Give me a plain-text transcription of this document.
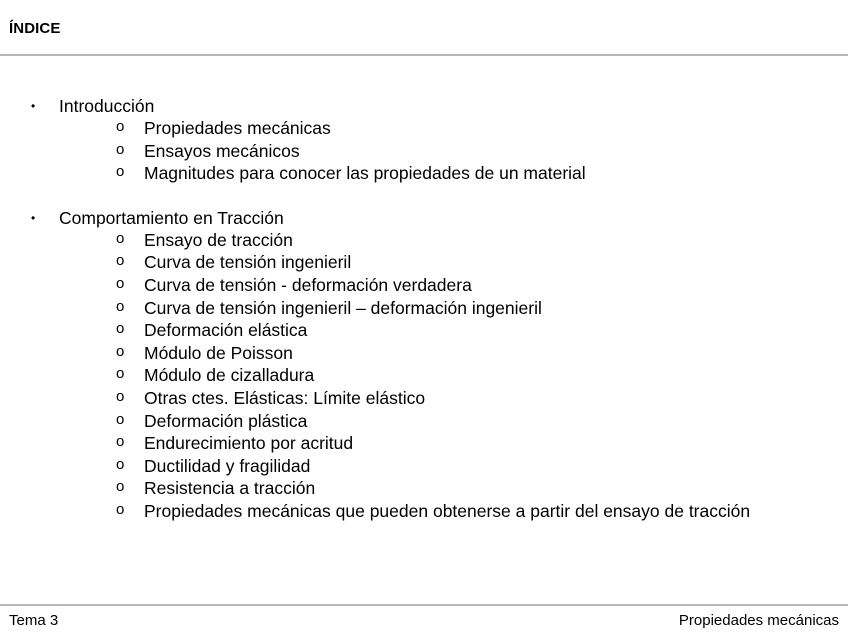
ÍNDICE
• Introducción
o Propiedades mecánicas
o Ensayos mecánicos
o Magnitudes para conocer las propiedades de un material
• Comportamiento en Tracción
o Ensayo de tracción
o Curva de tensión ingenieril
o Curva de tensión - deformación verdadera
o Curva de tensión ingenieril – deformación ingenieril
o Deformación elástica
o Módulo de Poisson
o Módulo de cizalladura
o Otras ctes. Elásticas: Límite elástico
o Deformación plástica
o Endurecimiento por acritud
o Ductilidad y fragilidad
o Resistencia a tracción
o Propiedades mecánicas que pueden obtenerse a partir del ensayo de tracción
Tema 3	Propiedades mecánicas
